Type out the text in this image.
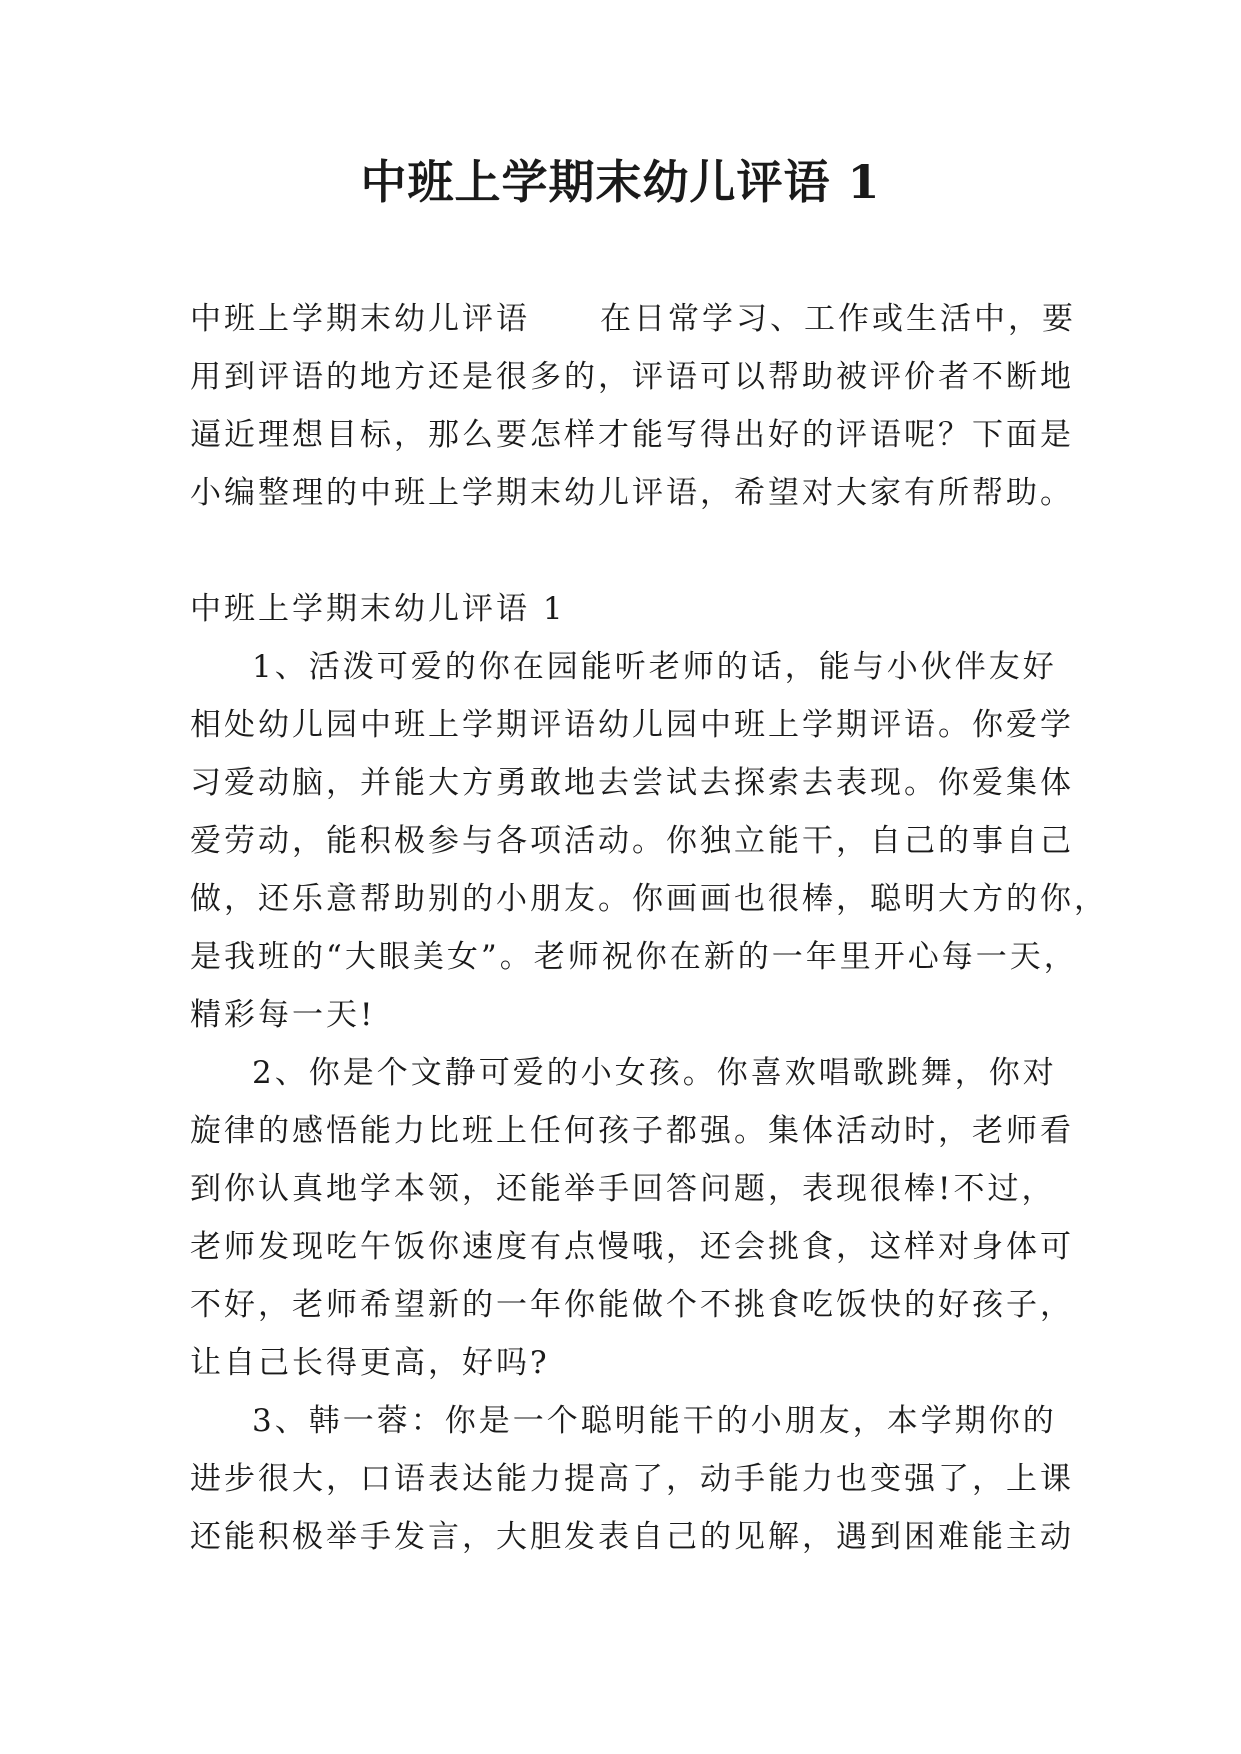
中班上学期末幼儿评语 1
中班上学期末幼儿评语 在日常学习、工作或生活中，要
用到评语的地方还是很多的，评语可以帮助被评价者不断地
逼近理想目标，那么要怎样才能写得出好的评语呢？下面是
小编整理的中班上学期末幼儿评语，希望对大家有所帮助。
中班上学期末幼儿评语 1
1、活泼可爱的你在园能听老师的话，能与小伙伴友好
相处幼儿园中班上学期评语幼儿园中班上学期评语。你爱学
习爱动脑，并能大方勇敢地去尝试去探索去表现。你爱集体
爱劳动，能积极参与各项活动。你独立能干，自己的事自己
做，还乐意帮助别的小朋友。你画画也很棒，聪明大方的你，
是我班的“大眼美女”。老师祝你在新的一年里开心每一天，
精彩每一天!
2、你是个文静可爱的小女孩。你喜欢唱歌跳舞，你对
旋律的感悟能力比班上任何孩子都强。集体活动时，老师看
到你认真地学本领，还能举手回答问题，表现很棒!不过，
老师发现吃午饭你速度有点慢哦，还会挑食，这样对身体可
不好，老师希望新的一年你能做个不挑食吃饭快的好孩子，
让自己长得更高，好吗?
3、韩一蓉：你是一个聪明能干的小朋友，本学期你的
进步很大，口语表达能力提高了，动手能力也变强了，上课
还能积极举手发言，大胆发表自己的见解，遇到困难能主动
